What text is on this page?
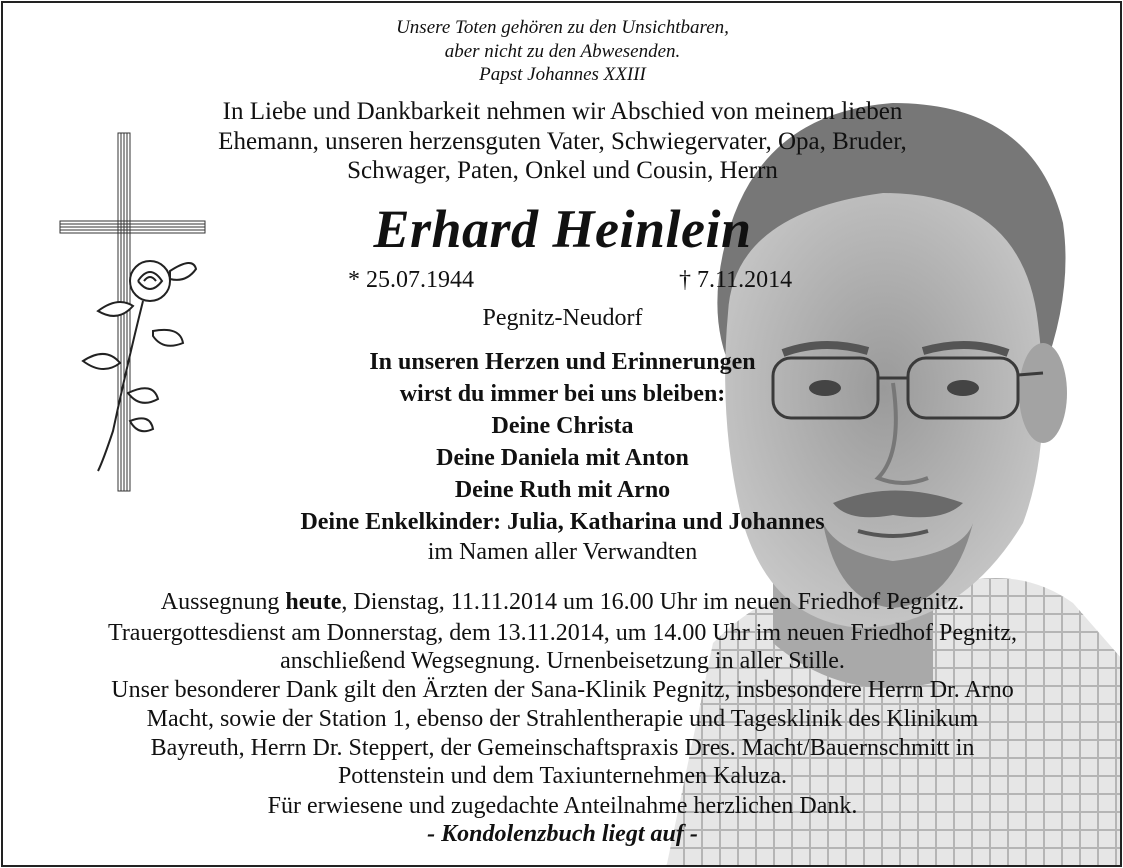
Unsere Toten gehören zu den Unsichtbaren,
aber nicht zu den Abwesenden.
Papst Johannes XXIII
In Liebe und Dankbarkeit nehmen wir Abschied von meinem lieben
Ehemann, unseren herzensguten Vater, Schwiegervater, Opa, Bruder,
Schwager, Paten, Onkel und Cousin, Herrn
Erhard Heinlein
* 25.07.1944	† 7.11.2014
Pegnitz-Neudorf
In unseren Herzen und Erinnerungen
wirst du immer bei uns bleiben:
Deine Christa
Deine Daniela mit Anton
Deine Ruth mit Arno
Deine Enkelkinder: Julia, Katharina und Johannes
im Namen aller Verwandten
Aussegnung heute, Dienstag, 11.11.2014 um 16.00 Uhr im neuen Friedhof Pegnitz.
Trauergottesdienst am Donnerstag, dem 13.11.2014, um 14.00 Uhr im neuen Friedhof Pegnitz,
anschließend Wegsegnung. Urnenbeisetzung in aller Stille.
Unser besonderer Dank gilt den Ärzten der Sana-Klinik Pegnitz, insbesondere Herrn Dr. Arno
Macht, sowie der Station 1, ebenso der Strahlentherapie und Tagesklinik des Klinikum
Bayreuth, Herrn Dr. Steppert, der Gemeinschaftspraxis Dres. Macht/Bauernschmitt in
Pottenstein und dem Taxiunternehmen Kaluza.
Für erwiesene und zugedachte Anteilnahme herzlichen Dank.
- Kondolenzbuch liegt auf -
